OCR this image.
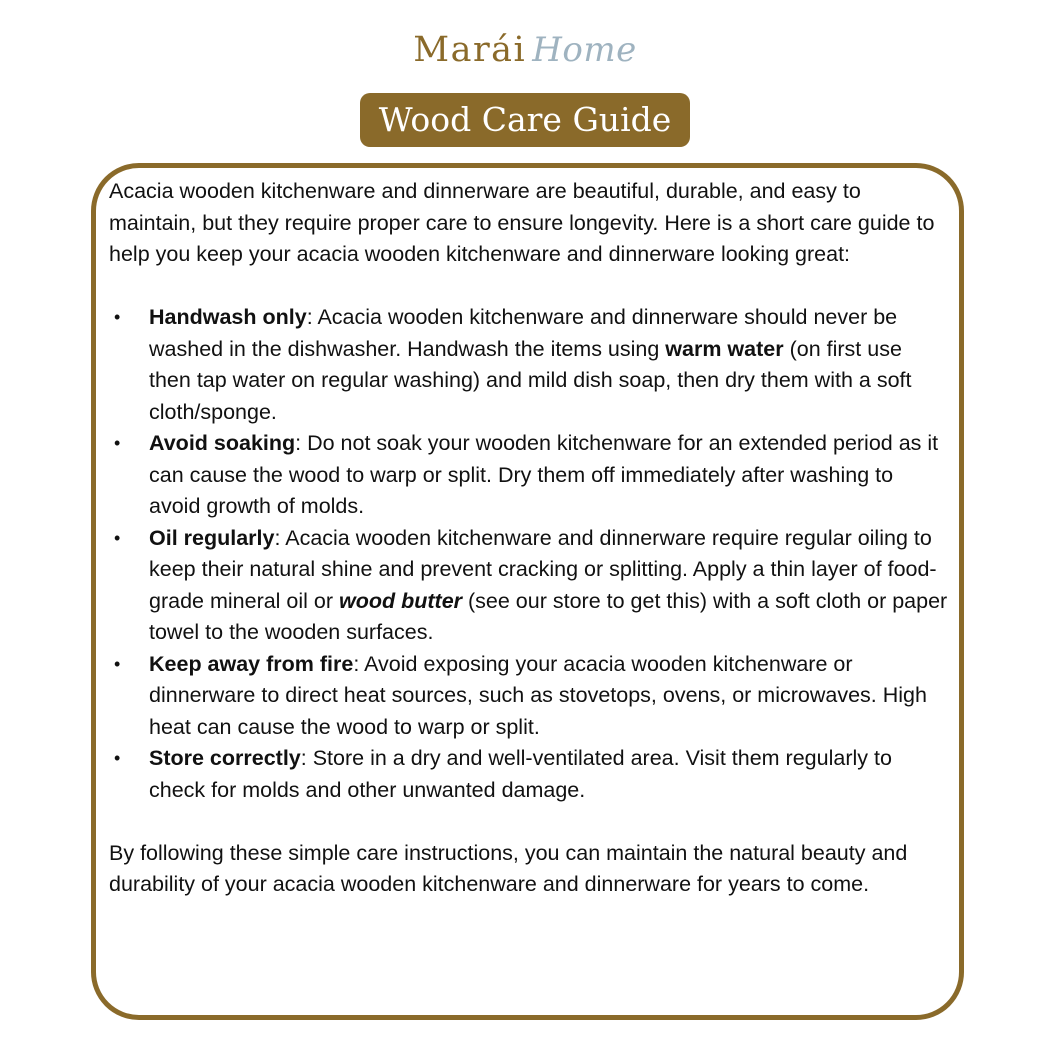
Marái Home
Wood Care Guide

Acacia wooden kitchenware and dinnerware are beautiful, durable, and easy to maintain, but they require proper care to ensure longevity. Here is a short care guide to help you keep your acacia wooden kitchenware and dinnerware looking great:

• Handwash only: Acacia wooden kitchenware and dinnerware should never be washed in the dishwasher. Handwash the items using warm water (on first use then tap water on regular washing) and mild dish soap, then dry them with a soft cloth/sponge.
• Avoid soaking: Do not soak your wooden kitchenware for an extended period as it can cause the wood to warp or split. Dry them off immediately after washing to avoid growth of molds.
• Oil regularly: Acacia wooden kitchenware and dinnerware require regular oiling to keep their natural shine and prevent cracking or splitting. Apply a thin layer of food-grade mineral oil or wood butter (see our store to get this) with a soft cloth or paper towel to the wooden surfaces.
• Keep away from fire: Avoid exposing your acacia wooden kitchenware or dinnerware to direct heat sources, such as stovetops, ovens, or microwaves. High heat can cause the wood to warp or split.
• Store correctly: Store in a dry and well-ventilated area. Visit them regularly to check for molds and other unwanted damage.

By following these simple care instructions, you can maintain the natural beauty and durability of your acacia wooden kitchenware and dinnerware for years to come.
